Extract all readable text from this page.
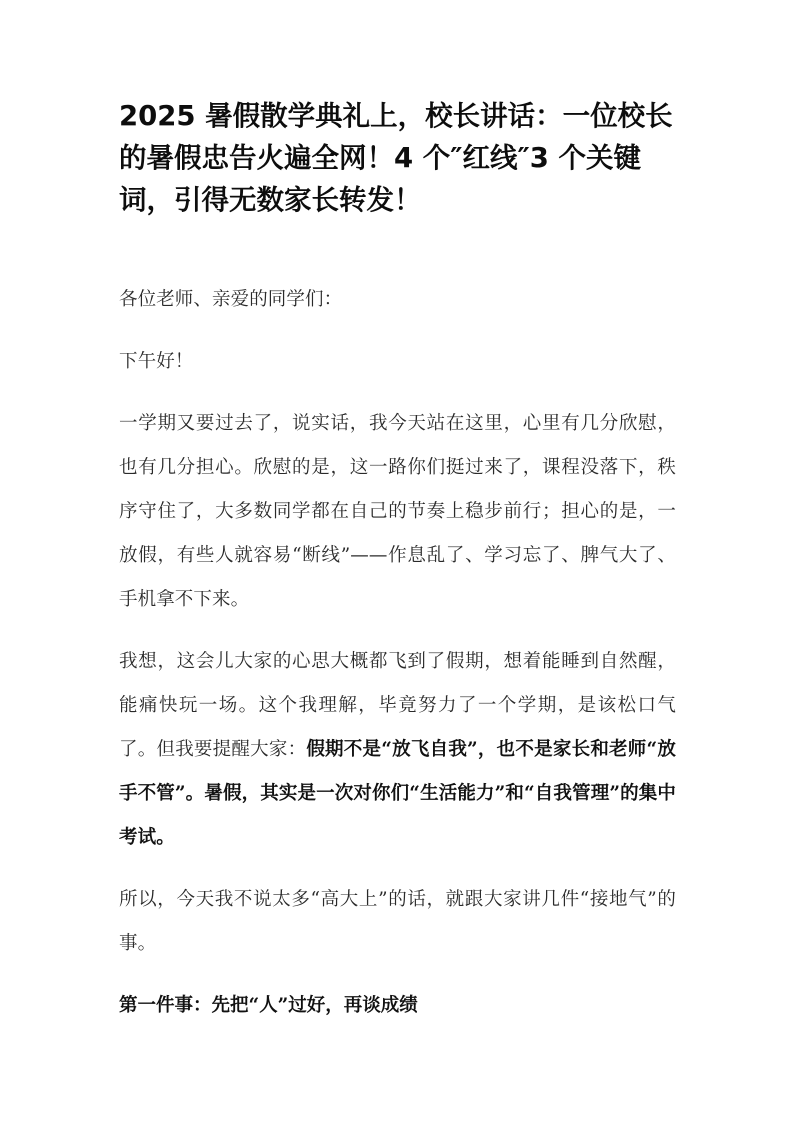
2025 暑假散学典礼上，校长讲话：一位校长的暑假忠告火遍全网！4 个″红线″3 个关键词，引得无数家长转发！

各位老师、亲爱的同学们：

下午好！

一学期又要过去了，说实话，我今天站在这里，心里有几分欣慰，也有几分担心。欣慰的是，这一路你们挺过来了，课程没落下，秩序守住了，大多数同学都在自己的节奏上稳步前行；担心的是，一放假，有些人就容易“断线”——作息乱了、学习忘了、脾气大了、手机拿不下来。

我想，这会儿大家的心思大概都飞到了假期，想着能睡到自然醒，能痛快玩一场。这个我理解，毕竟努力了一个学期，是该松口气了。但我要提醒大家：假期不是“放飞自我”，也不是家长和老师“放手不管”。暑假，其实是一次对你们“生活能力”和“自我管理”的集中考试。

所以，今天我不说太多“高大上”的话，就跟大家讲几件“接地气”的事。

第一件事：先把“人”过好，再谈成绩
